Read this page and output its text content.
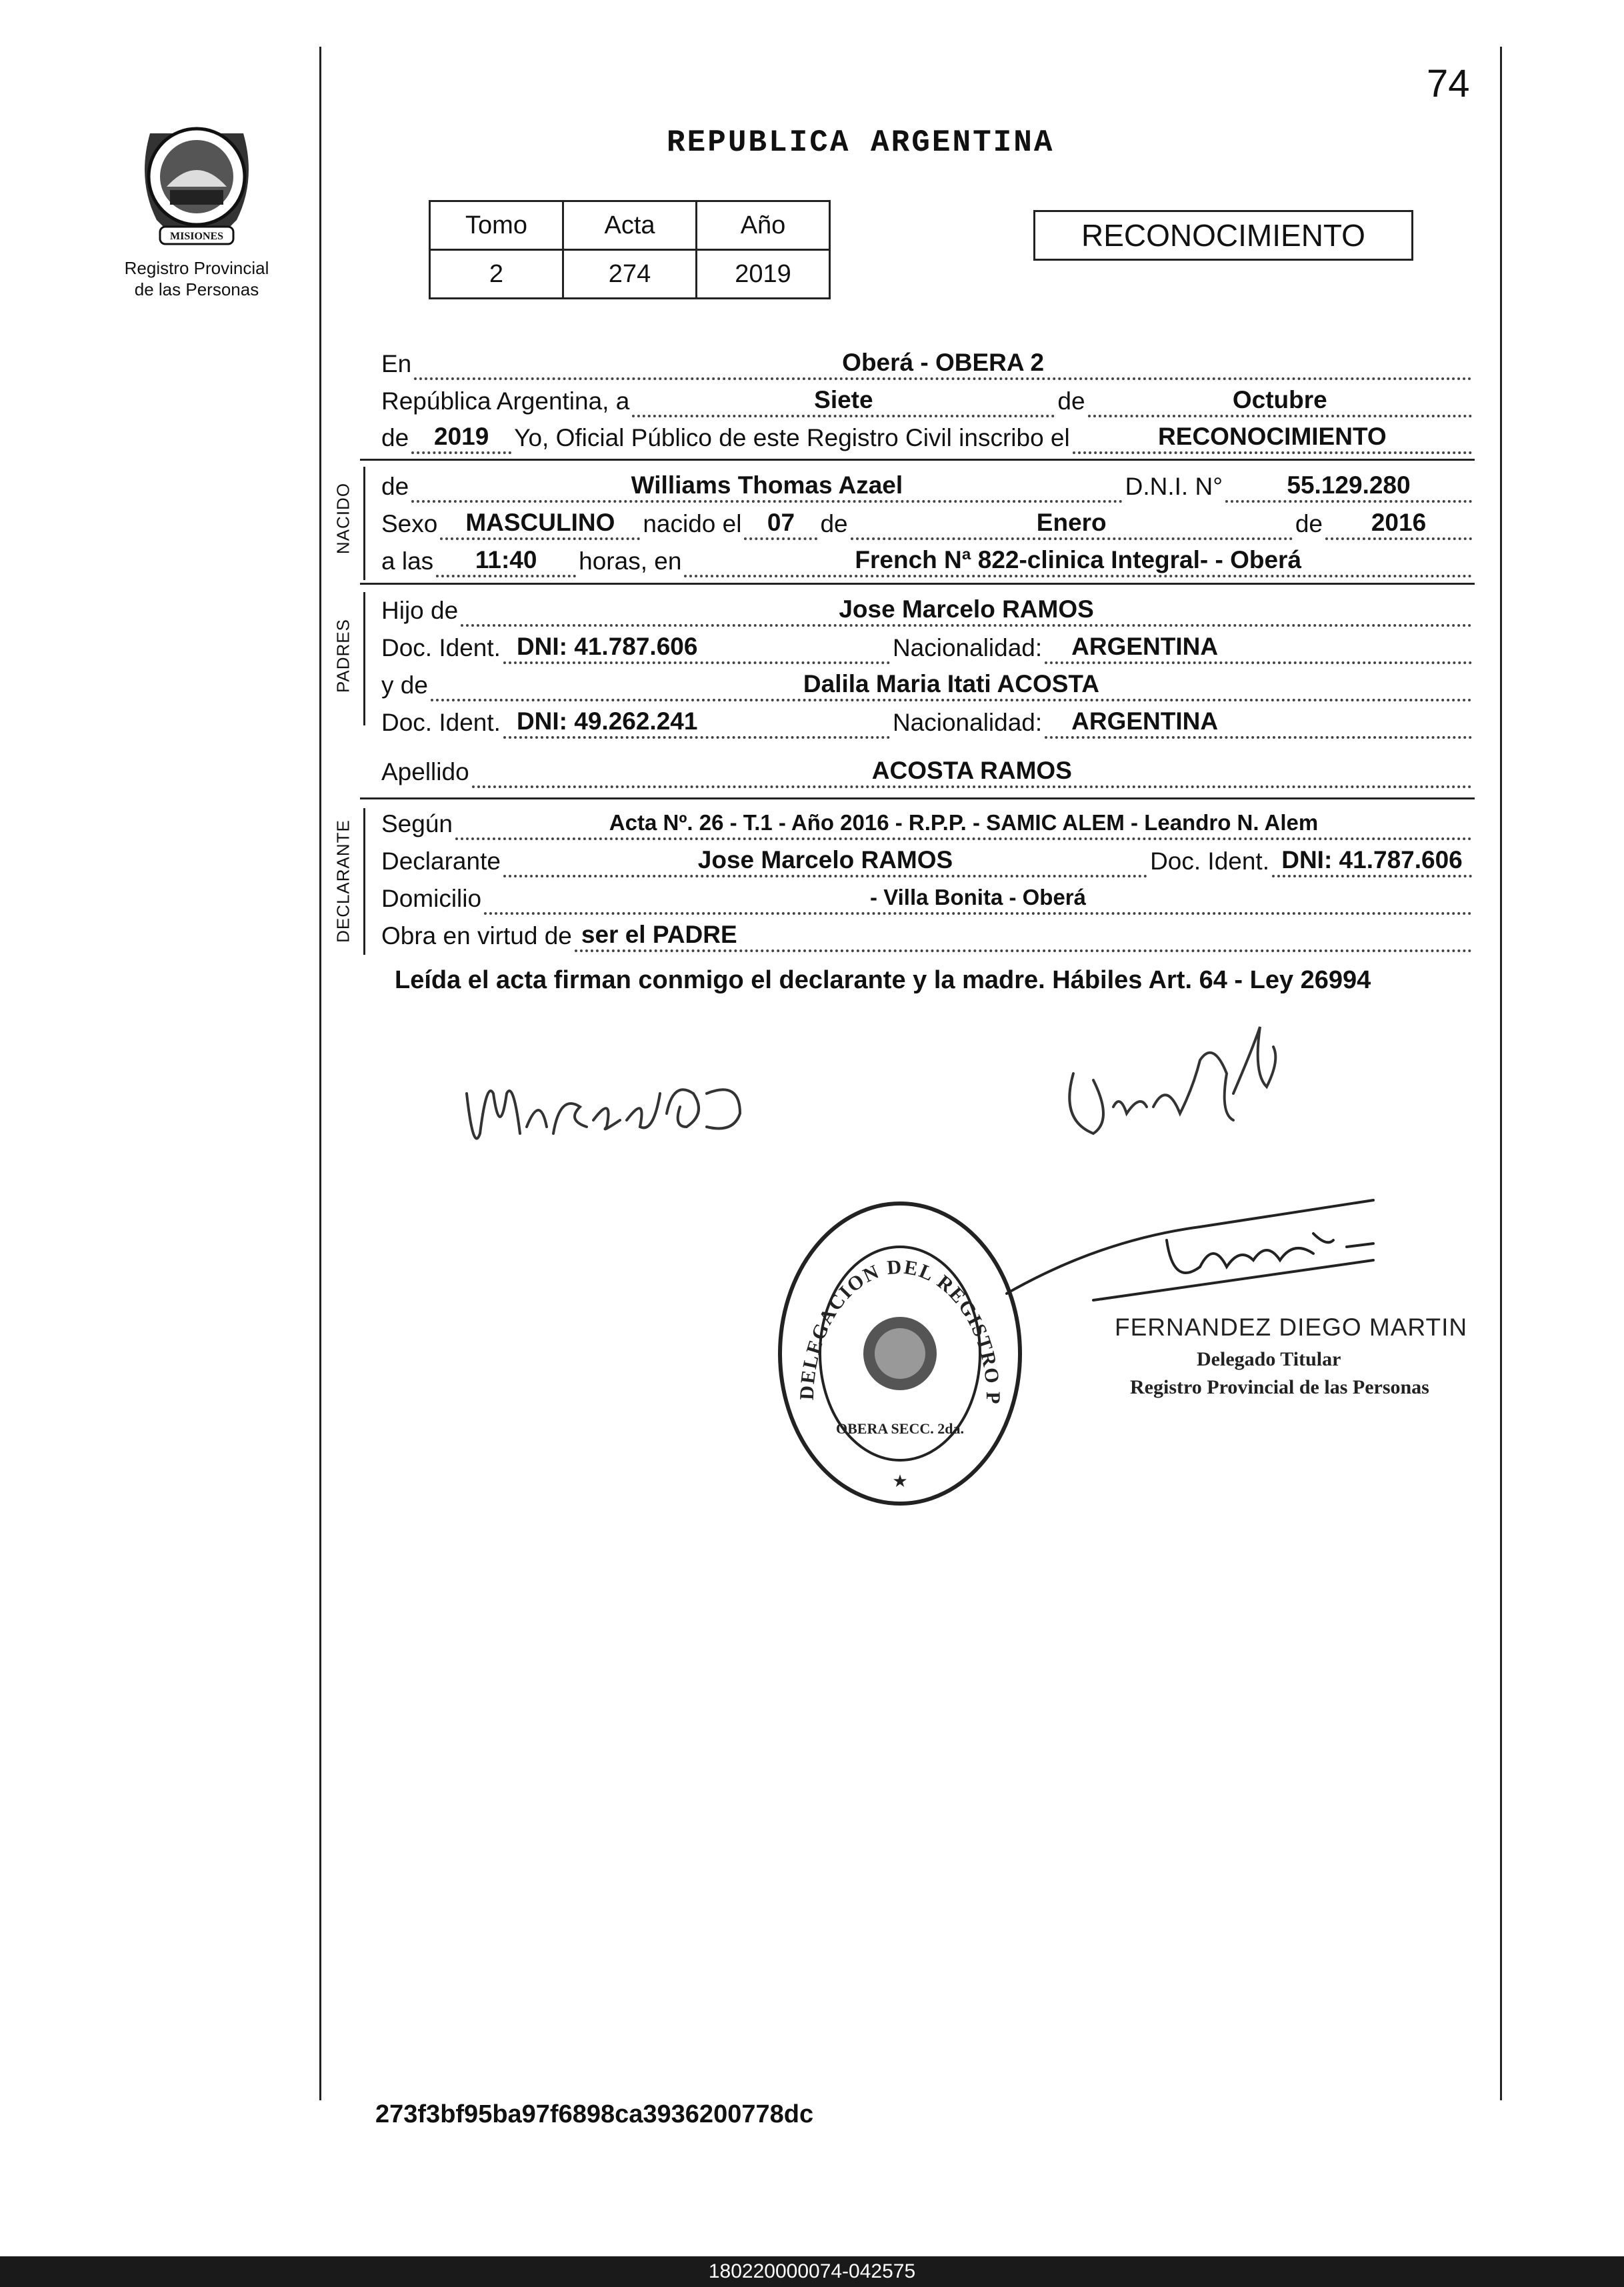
74
MISIONES
Registro Provincial
de las Personas
REPUBLICA ARGENTINA
Tomo	Acta	Año
2	274	2019
RECONOCIMIENTO
En	Oberá - OBERA 2
República Argentina, a	Siete	de	Octubre
de	2019	Yo, Oficial Público de este Registro Civil inscribo el	RECONOCIMIENTO
NACIDO de	Williams Thomas Azael	D.N.I. N°	55.129.280
Sexo	MASCULINO	nacido el	07	de	Enero	de	2016
a las	11:40	horas, en	French Nª 822-clinica Integral- - Oberá
PADRES
Hijo de	Jose Marcelo RAMOS
Doc. Ident. DNI: 41.787.606	Nacionalidad:	ARGENTINA
y de	Dalila Maria Itati ACOSTA
Doc. Ident. DNI: 49.262.241	Nacionalidad:	ARGENTINA
Apellido	ACOSTA RAMOS
DECLARANTE Según	Acta Nº. 26 - T.1 - Año 2016 - R.P.P. - SAMIC ALEM - Leandro N. Alem
Declarante	Jose Marcelo RAMOS	Doc. Ident. DNI: 41.787.606
Domicilio	- Villa Bonita - Oberá
Obra en virtud de ser el PADRE
Leída el acta firman conmigo el declarante y la madre. Hábiles Art. 64 - Ley 26994
DELEGACION DEL REGISTRO P
OBERA SECC. 2da.
★
FERNANDEZ DIEGO MARTIN
Delegado Titular
Registro Provincial de las Personas
273f3bf95ba97f6898ca3936200778dc
180220000074-042575
